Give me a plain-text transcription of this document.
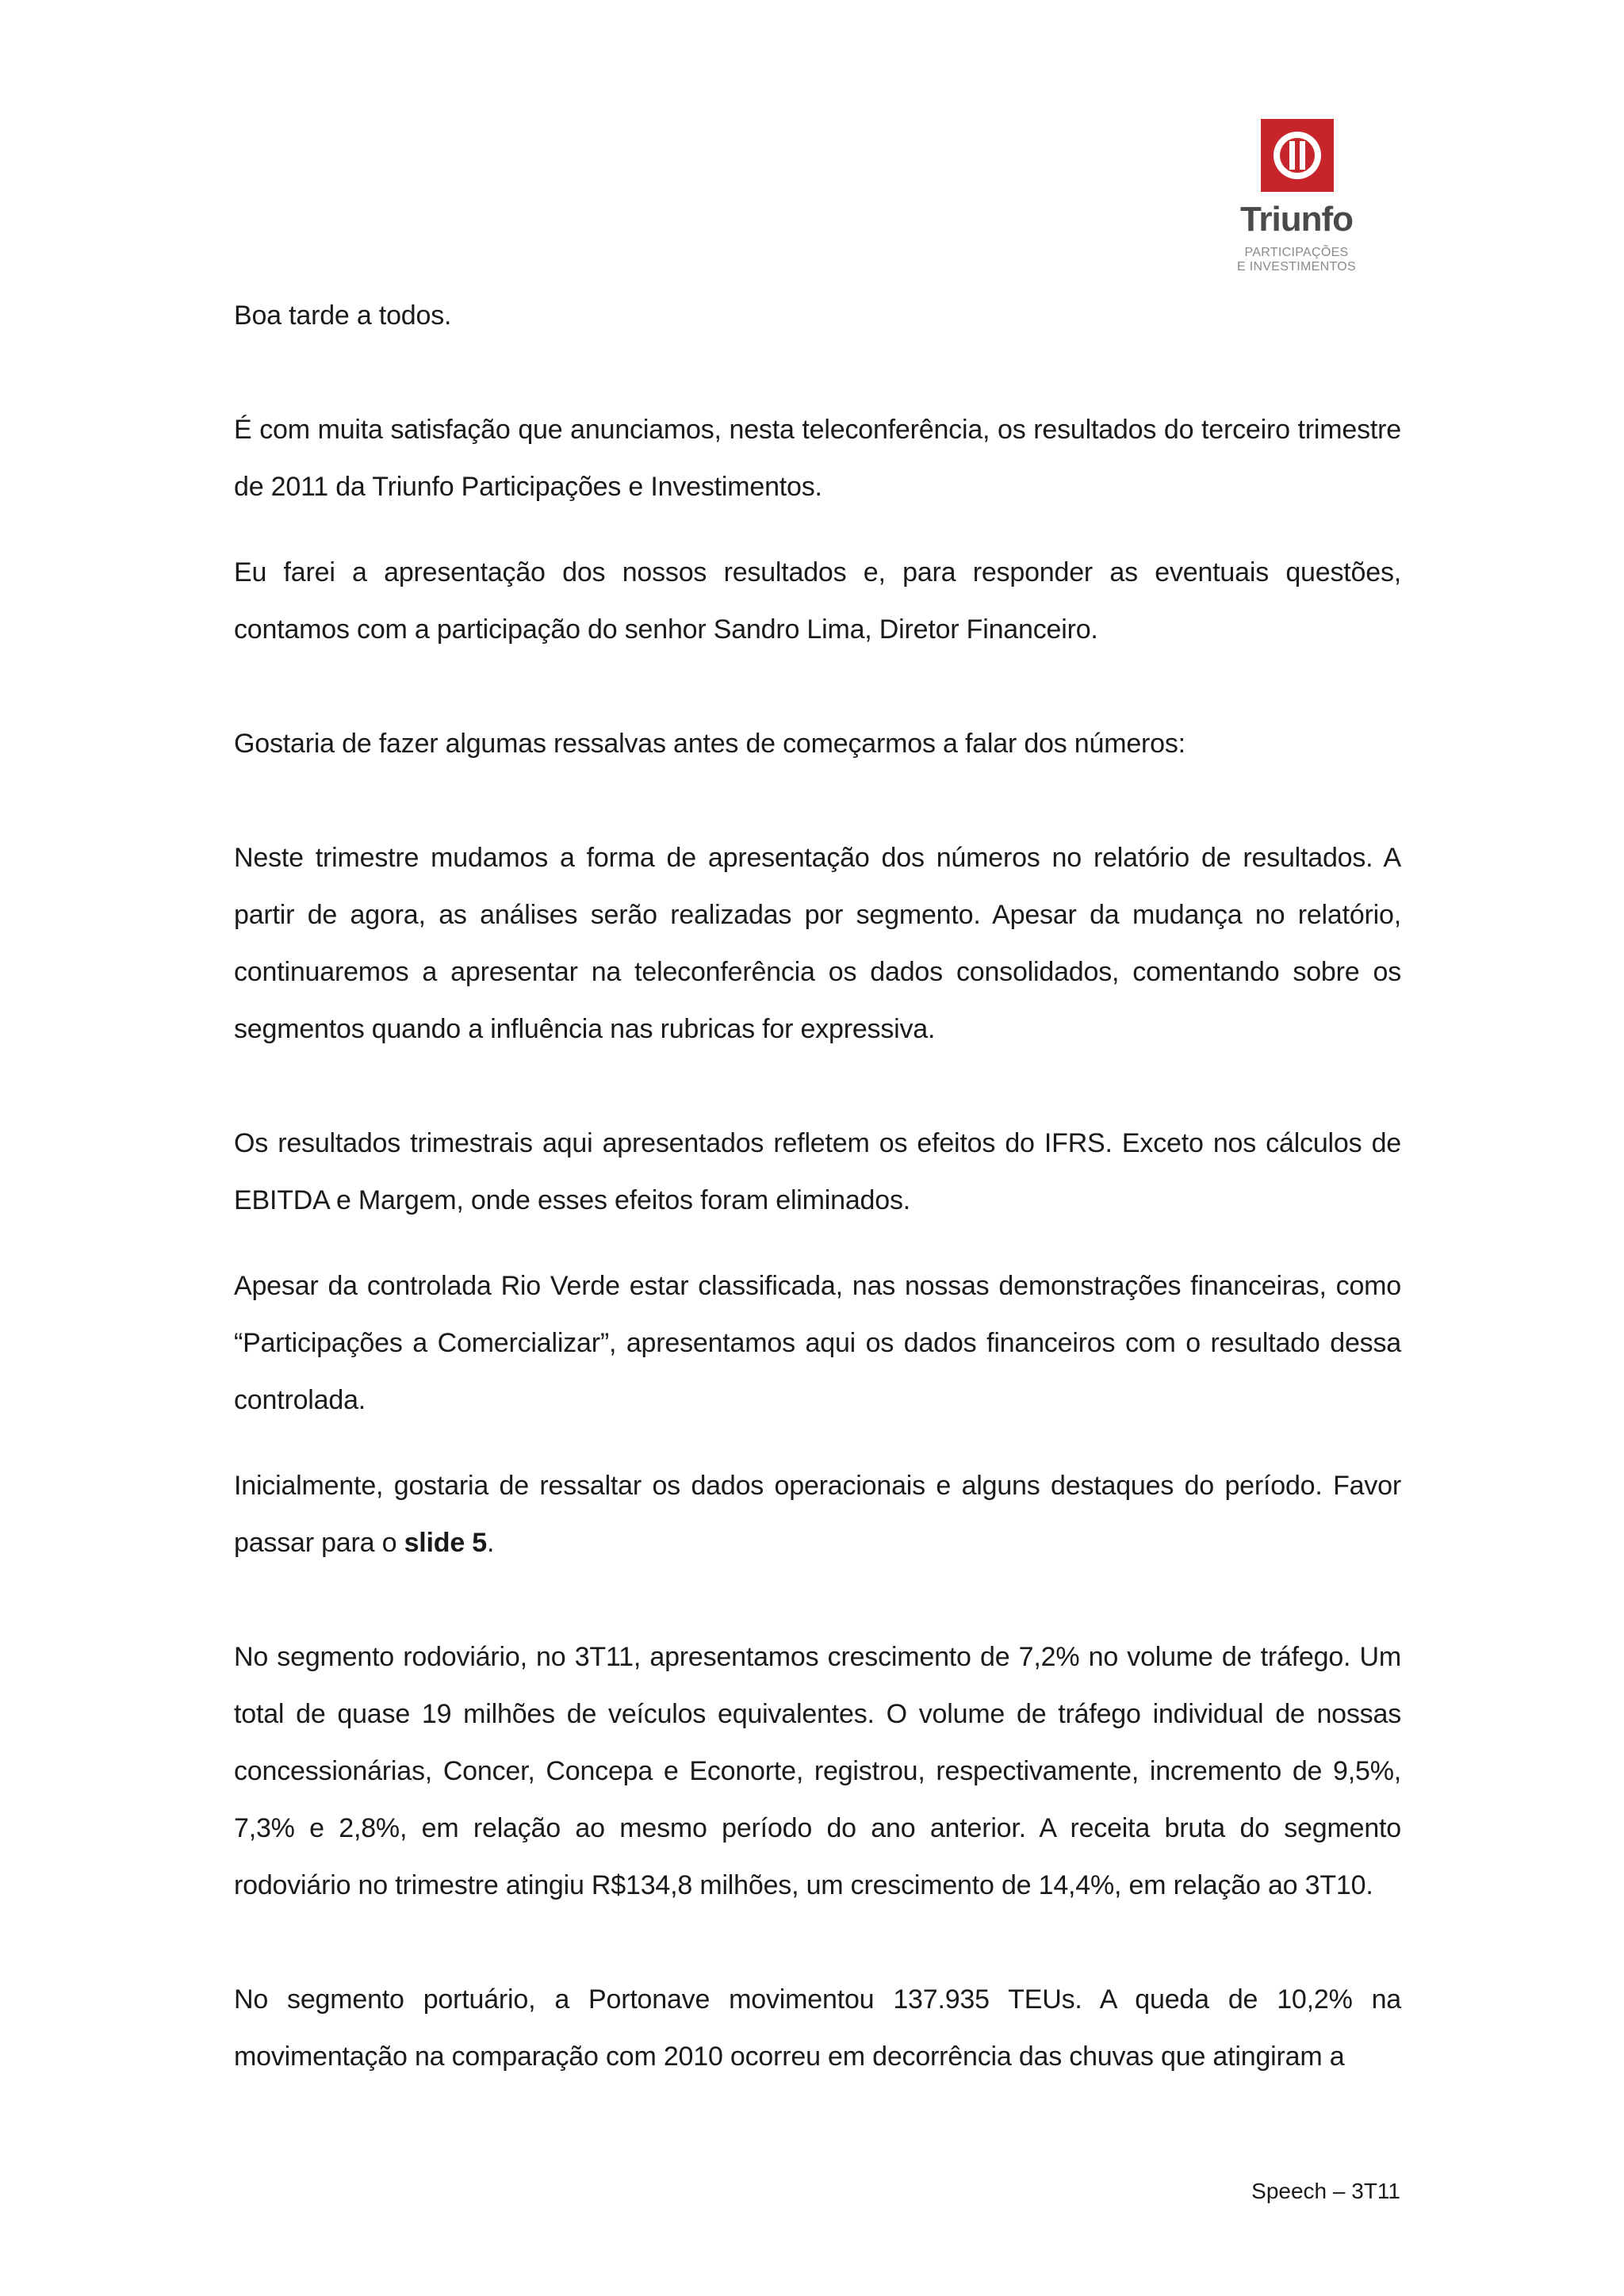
Triunfo
PARTICIPAÇÕES
E INVESTIMENTOS

Boa tarde a todos.

É com muita satisfação que anunciamos, nesta teleconferência, os resultados do terceiro trimestre de 2011 da Triunfo Participações e Investimentos.

Eu farei a apresentação dos nossos resultados e, para responder as eventuais questões, contamos com a participação do senhor Sandro Lima, Diretor Financeiro.

Gostaria de fazer algumas ressalvas antes de começarmos a falar dos números:

Neste trimestre mudamos a forma de apresentação dos números no relatório de resultados. A partir de agora, as análises serão realizadas por segmento. Apesar da mudança no relatório, continuaremos a apresentar na teleconferência os dados consolidados, comentando sobre os segmentos quando a influência nas rubricas for expressiva.

Os resultados trimestrais aqui apresentados refletem os efeitos do IFRS. Exceto nos cálculos de EBITDA e Margem, onde esses efeitos foram eliminados.

Apesar da controlada Rio Verde estar classificada, nas nossas demonstrações financeiras, como “Participações a Comercializar”, apresentamos aqui os dados financeiros com o resultado dessa controlada.

Inicialmente, gostaria de ressaltar os dados operacionais e alguns destaques do período. Favor passar para o slide 5.

No segmento rodoviário, no 3T11, apresentamos crescimento de 7,2% no volume de tráfego. Um total de quase 19 milhões de veículos equivalentes. O volume de tráfego individual de nossas concessionárias, Concer, Concepa e Econorte, registrou, respectivamente, incremento de 9,5%, 7,3% e 2,8%, em relação ao mesmo período do ano anterior. A receita bruta do segmento rodoviário no trimestre atingiu R$134,8 milhões, um crescimento de 14,4%, em relação ao 3T10.

No segmento portuário, a Portonave movimentou 137.935 TEUs. A queda de 10,2% na movimentação na comparação com 2010 ocorreu em decorrência das chuvas que atingiram a

Speech – 3T11
